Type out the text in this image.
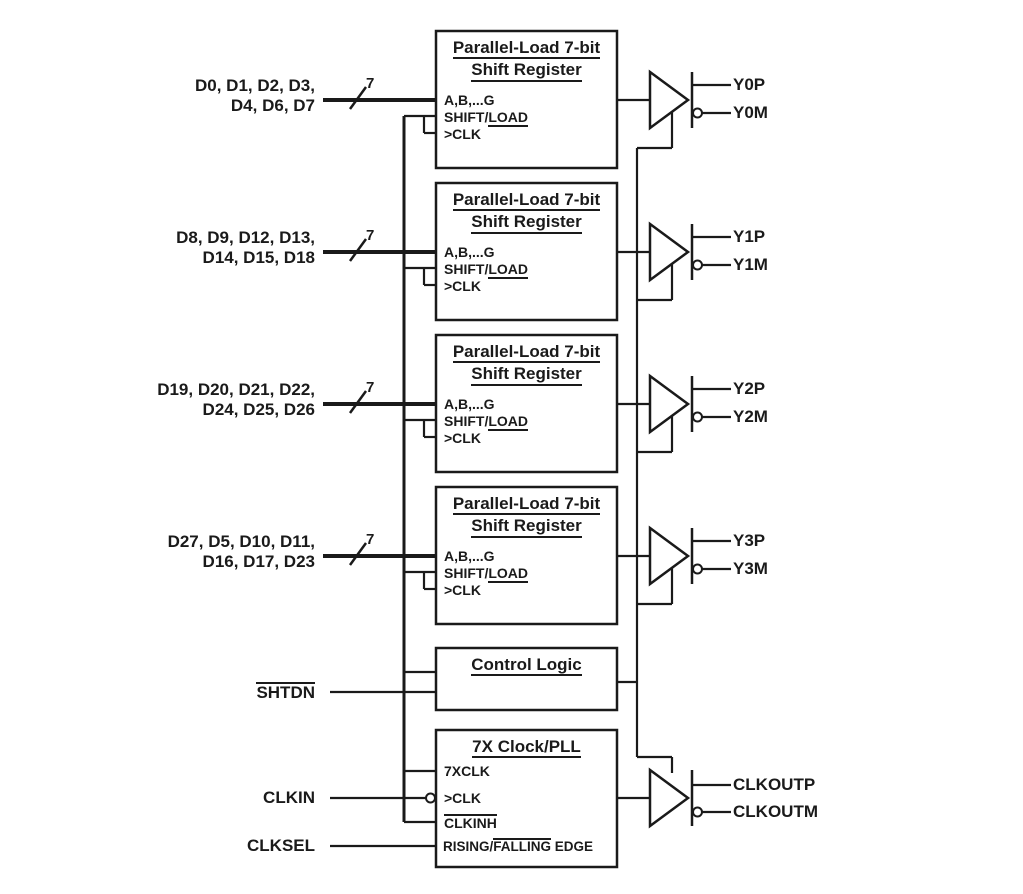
D0, D1, D2, D3,
D4, D6, D7
7
Parallel-Load 7-bit
Shift Register
A,B,...G
SHIFT/LOAD
>CLK
Y0P
Y0M
D8, D9, D12, D13,
D14, D15, D18
7
Parallel-Load 7-bit
Shift Register
A,B,...G
SHIFT/LOAD
>CLK
Y1P
Y1M
D19, D20, D21, D22,
D24, D25, D26
7
Parallel-Load 7-bit
Shift Register
A,B,...G
SHIFT/LOAD
>CLK
Y2P
Y2M
D27, D5, D10, D11,
D16, D17, D23
7
Parallel-Load 7-bit
Shift Register
A,B,...G
SHIFT/LOAD
>CLK
Y3P
Y3M
Control Logic
SHTDN
7X Clock/PLL
7XCLK
>CLK
CLKINH
RISING/FALLING EDGE
CLKIN
CLKSEL
CLKOUTP
CLKOUTM
